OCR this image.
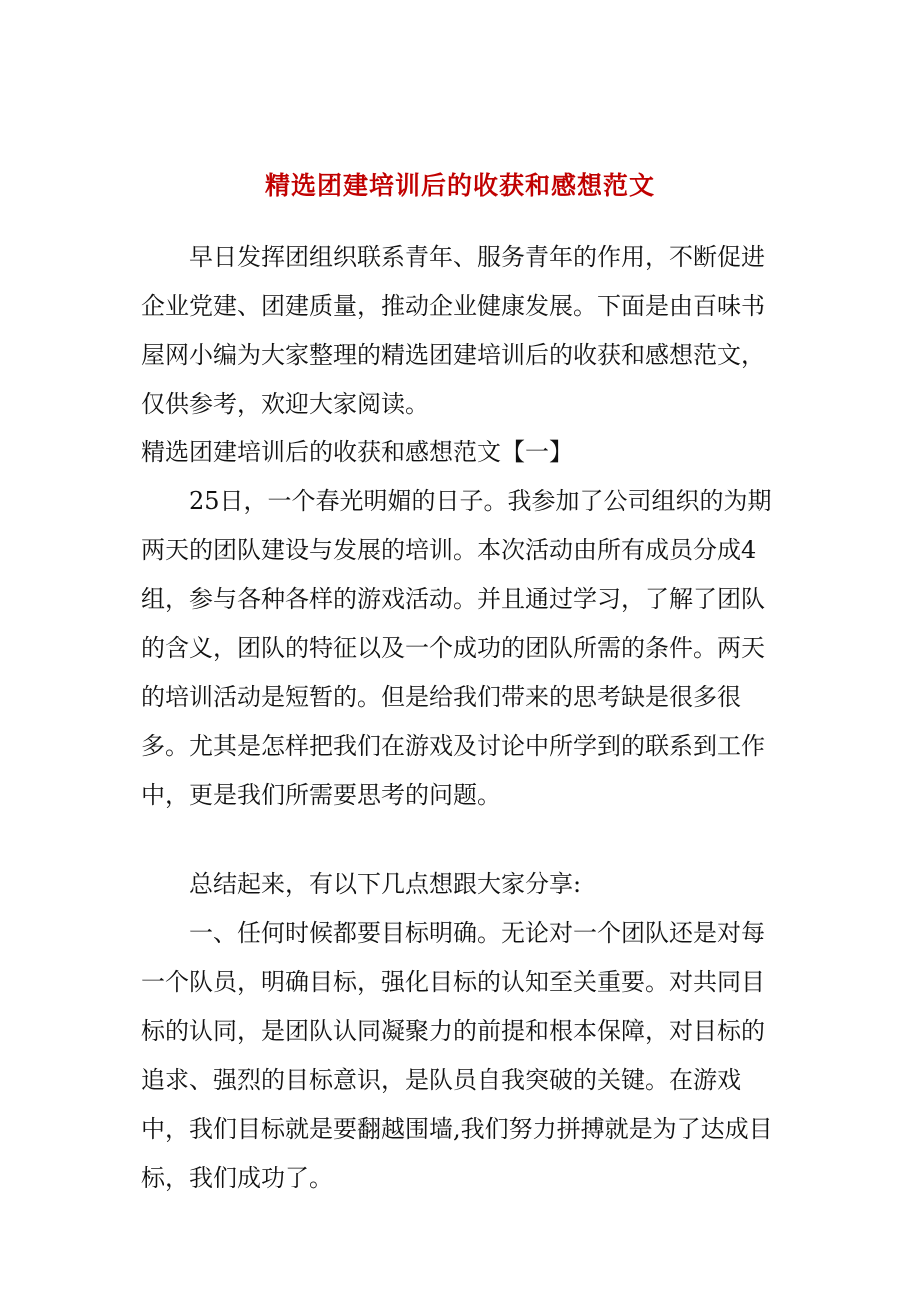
精选团建培训后的收获和感想范文

早日发挥团组织联系青年、服务青年的作用，不断促进企业党建、团建质量，推动企业健康发展。下面是由百味书屋网小编为大家整理的精选团建培训后的收获和感想范文，仅供参考，欢迎大家阅读。

精选团建培训后的收获和感想范文【一】

25日，一个春光明媚的日子。我参加了公司组织的为期两天的团队建设与发展的培训。本次活动由所有成员分成4组，参与各种各样的游戏活动。并且通过学习，了解了团队的含义，团队的特征以及一个成功的团队所需的条件。两天的培训活动是短暂的。但是给我们带来的思考缺是很多很多。尤其是怎样把我们在游戏及讨论中所学到的联系到工作中，更是我们所需要思考的问题。

总结起来，有以下几点想跟大家分享:

一、任何时候都要目标明确。无论对一个团队还是对每一个队员，明确目标，强化目标的认知至关重要。对共同目标的认同，是团队认同凝聚力的前提和根本保障，对目标的追求、强烈的目标意识，是队员自我突破的关键。在游戏中，我们目标就是要翻越围墙,我们努力拼搏就是为了达成目标，我们成功了。
